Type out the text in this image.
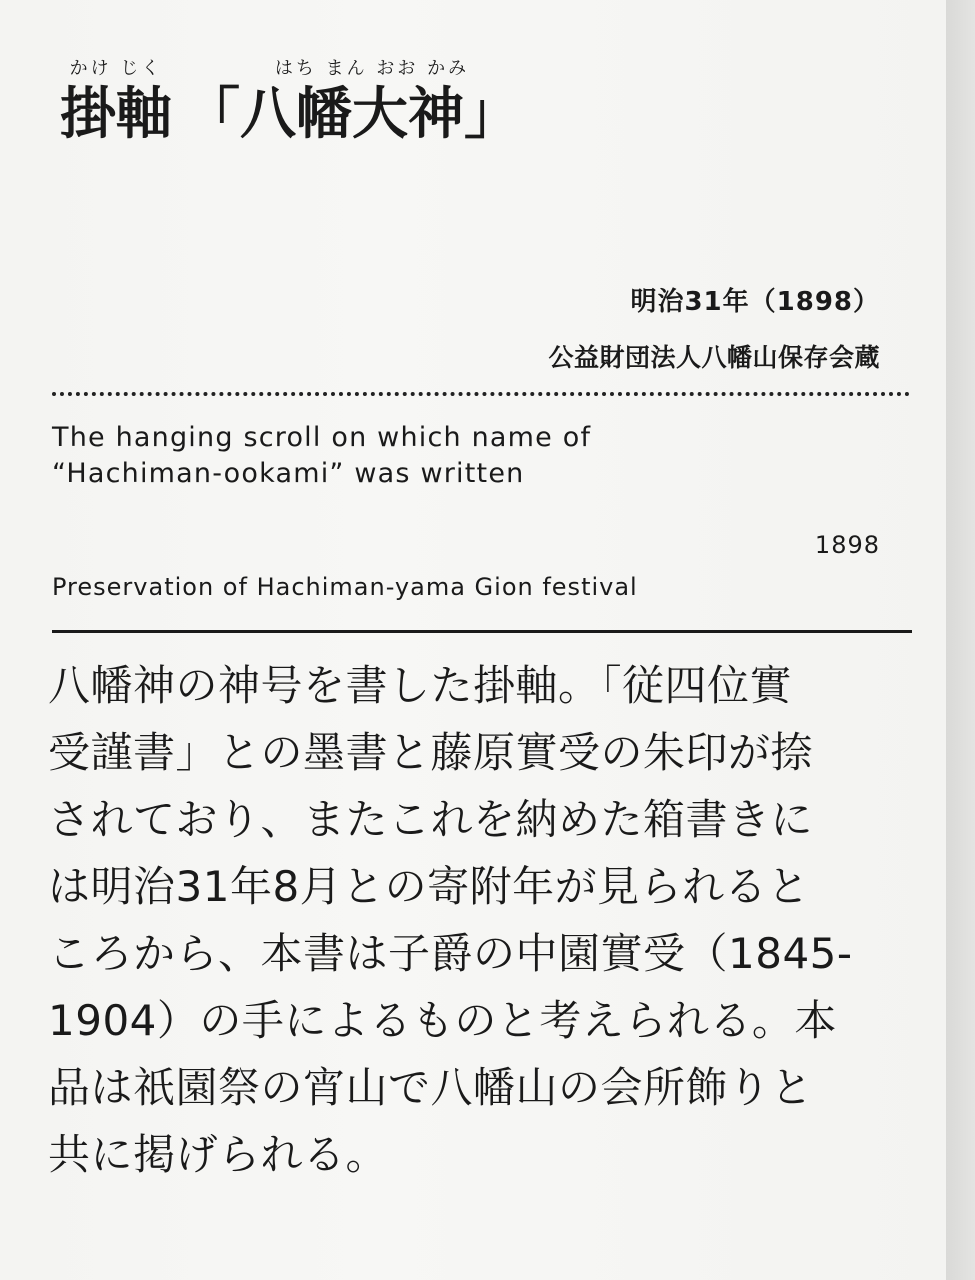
かけ じく
掛軸
はち まん おお かみ
「八幡大神」
明治31年（1898）
公益財団法人八幡山保存会蔵
The hanging scroll on which name of
“Hachiman-ookami” was written
1898
Preservation of Hachiman-yama Gion festival
八幡神の神号を書した掛軸。「従四位實
受謹書」との墨書と藤原實受の朱印が捺
されており、またこれを納めた箱書きに
は明治31年8月との寄附年が見られると
ころから、本書は子爵の中園實受（1845-
1904）の手によるものと考えられる。本
品は祇園祭の宵山で八幡山の会所飾りと
共に掲げられる。
